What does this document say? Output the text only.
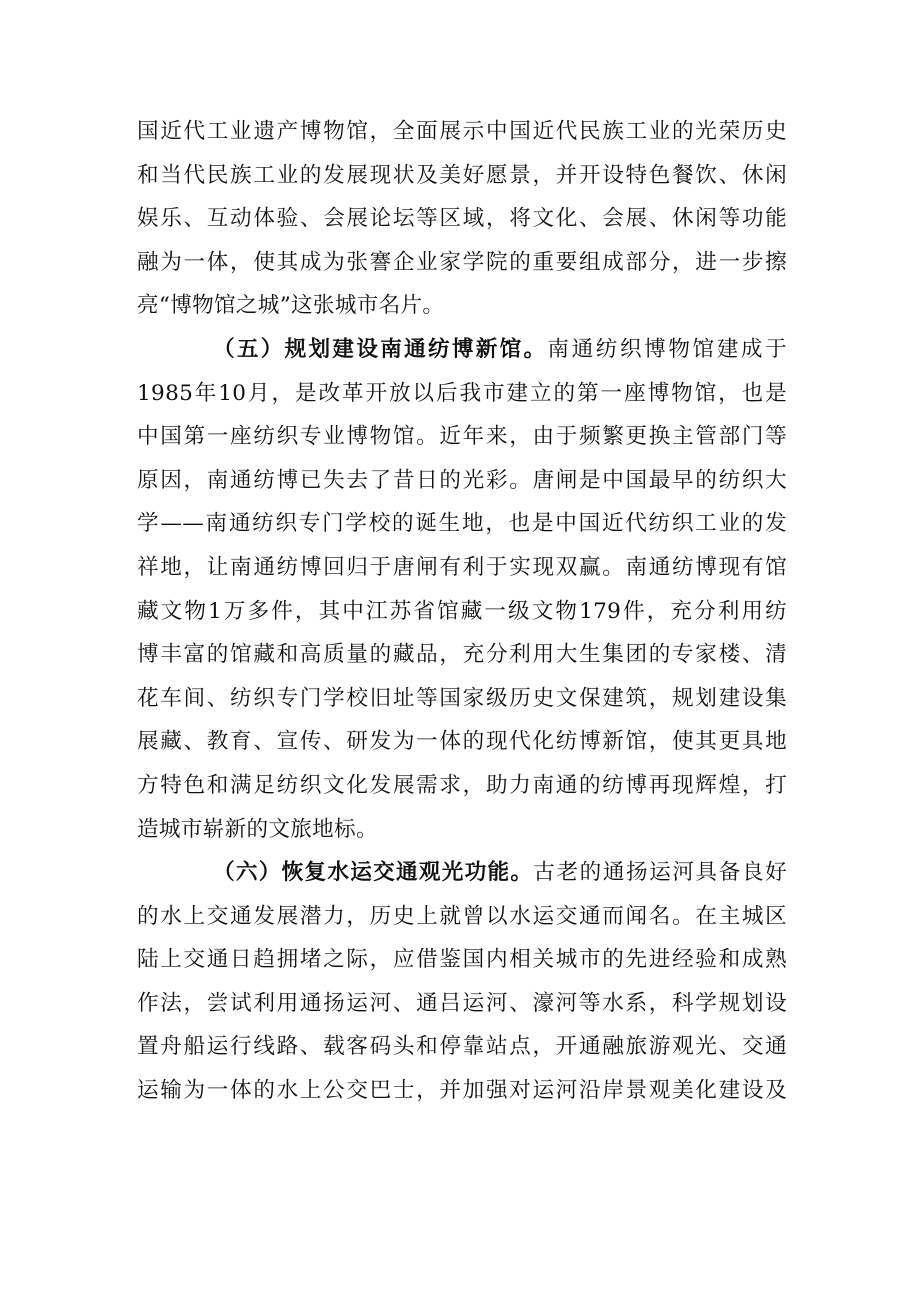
国近代工业遗产博物馆，全面展示中国近代民族工业的光荣历史
和当代民族工业的发展现状及美好愿景，并开设特色餐饮、休闲
娱乐、互动体验、会展论坛等区域，将文化、会展、休闲等功能
融为一体，使其成为张謇企业家学院的重要组成部分，进一步擦
亮“博物馆之城”这张城市名片。
（五）规划建设南通纺博新馆。南通纺织博物馆建成于
1985年10月，是改革开放以后我市建立的第一座博物馆，也是
中国第一座纺织专业博物馆。近年来，由于频繁更换主管部门等
原因，南通纺博已失去了昔日的光彩。唐闸是中国最早的纺织大
学——南通纺织专门学校的诞生地，也是中国近代纺织工业的发
祥地，让南通纺博回归于唐闸有利于实现双赢。南通纺博现有馆
藏文物1万多件，其中江苏省馆藏一级文物179件，充分利用纺
博丰富的馆藏和高质量的藏品，充分利用大生集团的专家楼、清
花车间、纺织专门学校旧址等国家级历史文保建筑，规划建设集
展藏、教育、宣传、研发为一体的现代化纺博新馆，使其更具地
方特色和满足纺织文化发展需求，助力南通的纺博再现辉煌，打
造城市崭新的文旅地标。
（六）恢复水运交通观光功能。古老的通扬运河具备良好
的水上交通发展潜力，历史上就曾以水运交通而闻名。在主城区
陆上交通日趋拥堵之际，应借鉴国内相关城市的先进经验和成熟
作法，尝试利用通扬运河、通吕运河、濠河等水系，科学规划设
置舟船运行线路、载客码头和停靠站点，开通融旅游观光、交通
运输为一体的水上公交巴士，并加强对运河沿岸景观美化建设及
